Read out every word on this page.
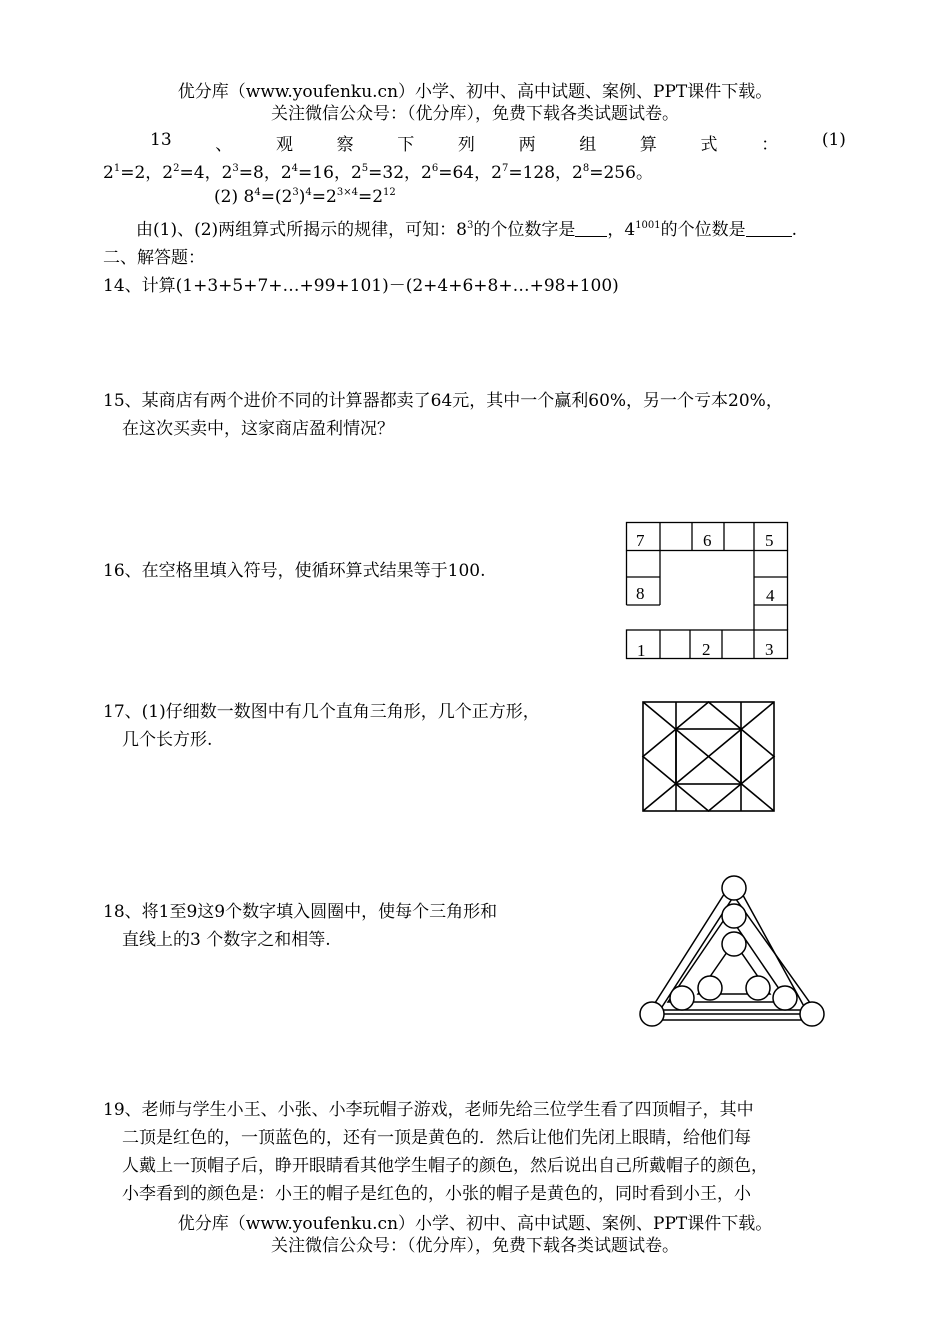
优分库（www.youfenku.cn）小学、初中、高中试题、案例、PPT课件下载。
关注微信公众号：（优分库），免费下载各类试题试卷。
13	、	观	察	下	列	两	组	算	式	：	(1)
$2^1=2$，$2^2=4$，$2^3=8$，$2^4=16$，$2^5=32$，$2^6=64$，$2^7=128$，$2^8=256$。
(2) $8^4=(2^3)^4=2^{3\times 4}=2^{12}$
由(1)、(2)两组算式所揭示的规律，可知：$8^3$的个位数字是 ，$4^{1001}$的个位数是	.
二、解答题：
14、计算(1+3+5+7+…+99+101)－(2+4+6+8+…+98+100)
15、某商店有两个进价不同的计算器都卖了64元，其中一个赢利60%，另一个亏本20%，
在这次买卖中，这家商店盈利情况？
16、在空格里填入符号，使循环算式结果等于100.
7	6	5
8	4
1	2	3
17、(1)仔细数一数图中有几个直角三角形，几个正方形，
几个长方形.
18、将1至9这9个数字填入圆圈中，使每个三角形和
直线上的3 个数字之和相等.
19、老师与学生小王、小张、小李玩帽子游戏，老师先给三位学生看了四顶帽子，其中
二顶是红色的，一顶蓝色的，还有一顶是黄色的．然后让他们先闭上眼睛，给他们每
人戴上一顶帽子后，睁开眼睛看其他学生帽子的颜色，然后说出自己所戴帽子的颜色，
小李看到的颜色是：小王的帽子是红色的，小张的帽子是黄色的，同时看到小王，小
优分库（www.youfenku.cn）小学、初中、高中试题、案例、PPT课件下载。
关注微信公众号：（优分库），免费下载各类试题试卷。
